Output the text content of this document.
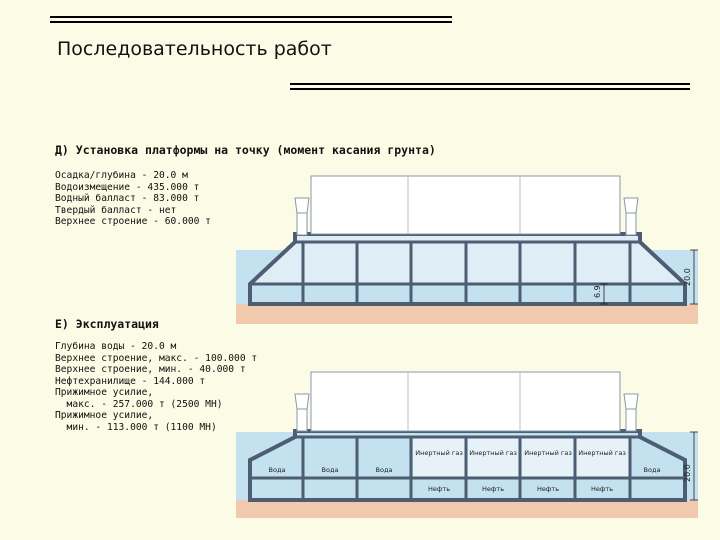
Последовательность работ
Д) Установка платформы на точку (момент касания грунта)
Осадка/глубина - 20.0 м
Водоизмещение - 435.000 т
Водный балласт - 83.000 т
Твердый балласт - нет
Верхнее строение - 60.000 т
Е) Эксплуатация
Глубина воды - 20.0 м
Верхнее строение, макс. - 100.000 т
Верхнее строение, мин. - 40.000 т
Нефтехранилище - 144.000 т
Прижимное усилие,
макс. - 257.000 т (2500 МН)
Прижимное усилие,
мин. - 113.000 т (1100 МН)
6.9
20.0
Вода	Вода	Вода
Инертный газ Инертный газ Инертный газ Инертный газ
Вода
Нефть	Нефть	Нефть	Нефть
20.0
